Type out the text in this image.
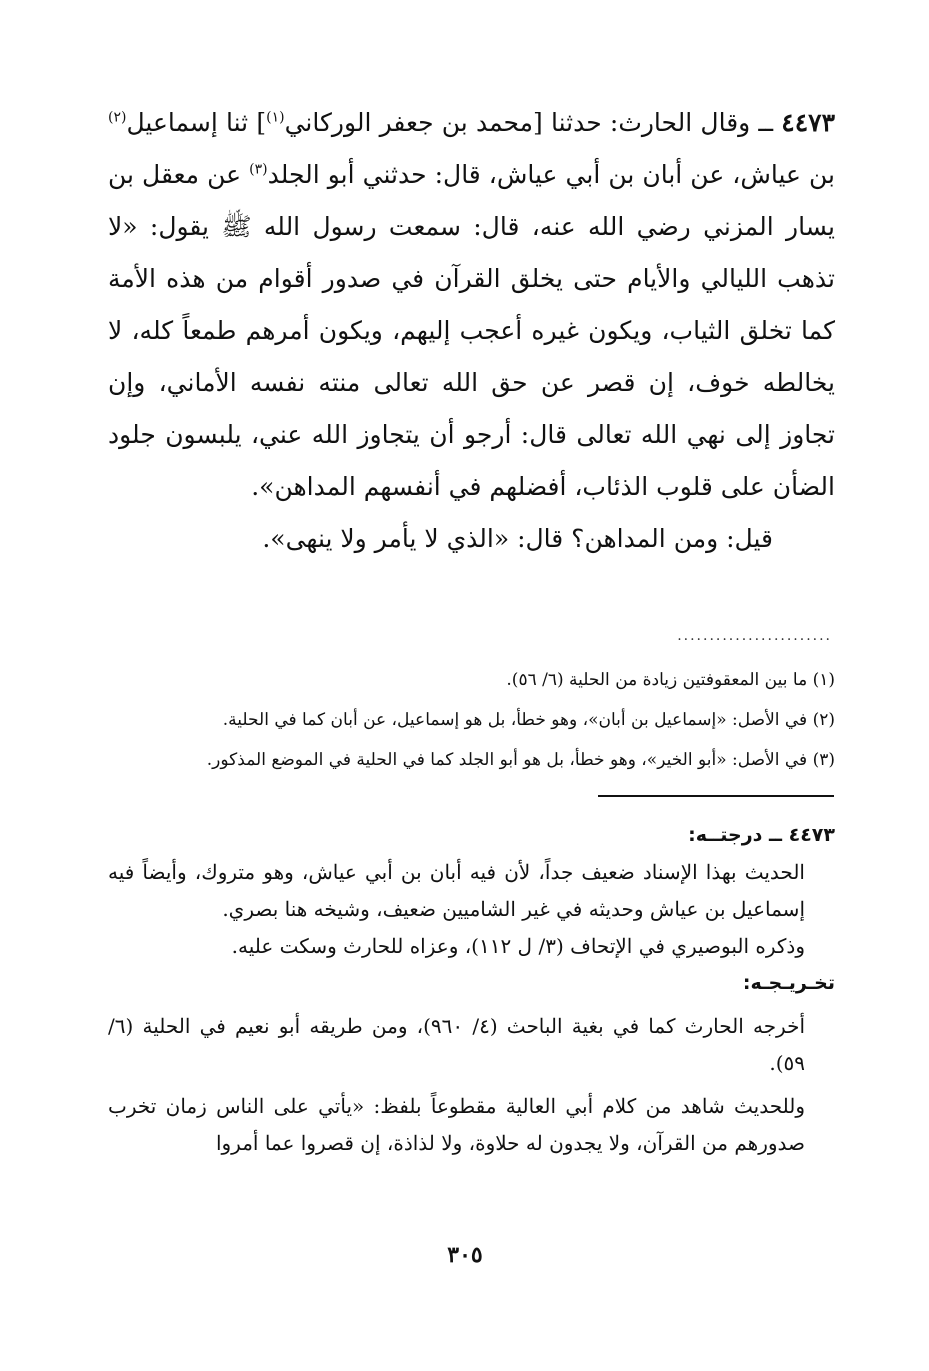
٤٤٧٣ ــ وقال الحارث: حدثنا [محمد بن جعفر الوركاني$^{(١)}$] ثنا إسماعيل$^{(٢)}$ بن عياش، عن أبان بن أبي عياش، قال: حدثني أبو الجلد$^{(٣)}$ عن معقل بن يسار المزني رضي الله عنه، قال: سمعت رسول الله ﷺ يقول: «لا تذهب الليالي والأيام حتى يخلق القرآن في صدور أقوام من هذه الأمة كما تخلق الثياب، ويكون غيره أعجب إليهم، ويكون أمرهم طمعاً كله، لا يخالطه خوف، إن قصر عن حق الله تعالى منته نفسه الأماني، وإن تجاوز إلى نهي الله تعالى قال: أرجو أن يتجاوز الله عني، يلبسون جلود الضأن على قلوب الذئاب، أفضلهم في أنفسهم المداهن».

قيل: ومن المداهن؟ قال: «الذي لا يأمر ولا ينهى».

........................

(١) ما بين المعقوفتين زيادة من الحلية (٦/ ٥٦).

(٢) في الأصل: «إسماعيل بن أبان»، وهو خطأ، بل هو إسماعيل، عن أبان كما في الحلية.

(٣) في الأصل: «أبو الخير»، وهو خطأ، بل هو أبو الجلد كما في الحلية في الموضع المذكور.

٤٤٧٣ ــ درجتــه:

الحديث بهذا الإسناد ضعيف جداً، لأن فيه أبان بن أبي عياش، وهو متروك، وأيضاً فيه إسماعيل بن عياش وحديثه في غير الشاميين ضعيف، وشيخه هنا بصري.

وذكره البوصيري في الإتحاف (٣/ ل ١١٢)، وعزاه للحارث وسكت عليه.

تخـريـجـه:

أخرجه الحارث كما في بغية الباحث (٤/ ٩٦٠)، ومن طريقه أبو نعيم في الحلية (٦/ ٥٩).

وللحديث شاهد من كلام أبي العالية مقطوعاً بلفظ: «يأتي على الناس زمان تخرب صدورهم من القرآن، ولا يجدون له حلاوة، ولا لذاذة، إن قصروا عما أمروا

٣٠٥
